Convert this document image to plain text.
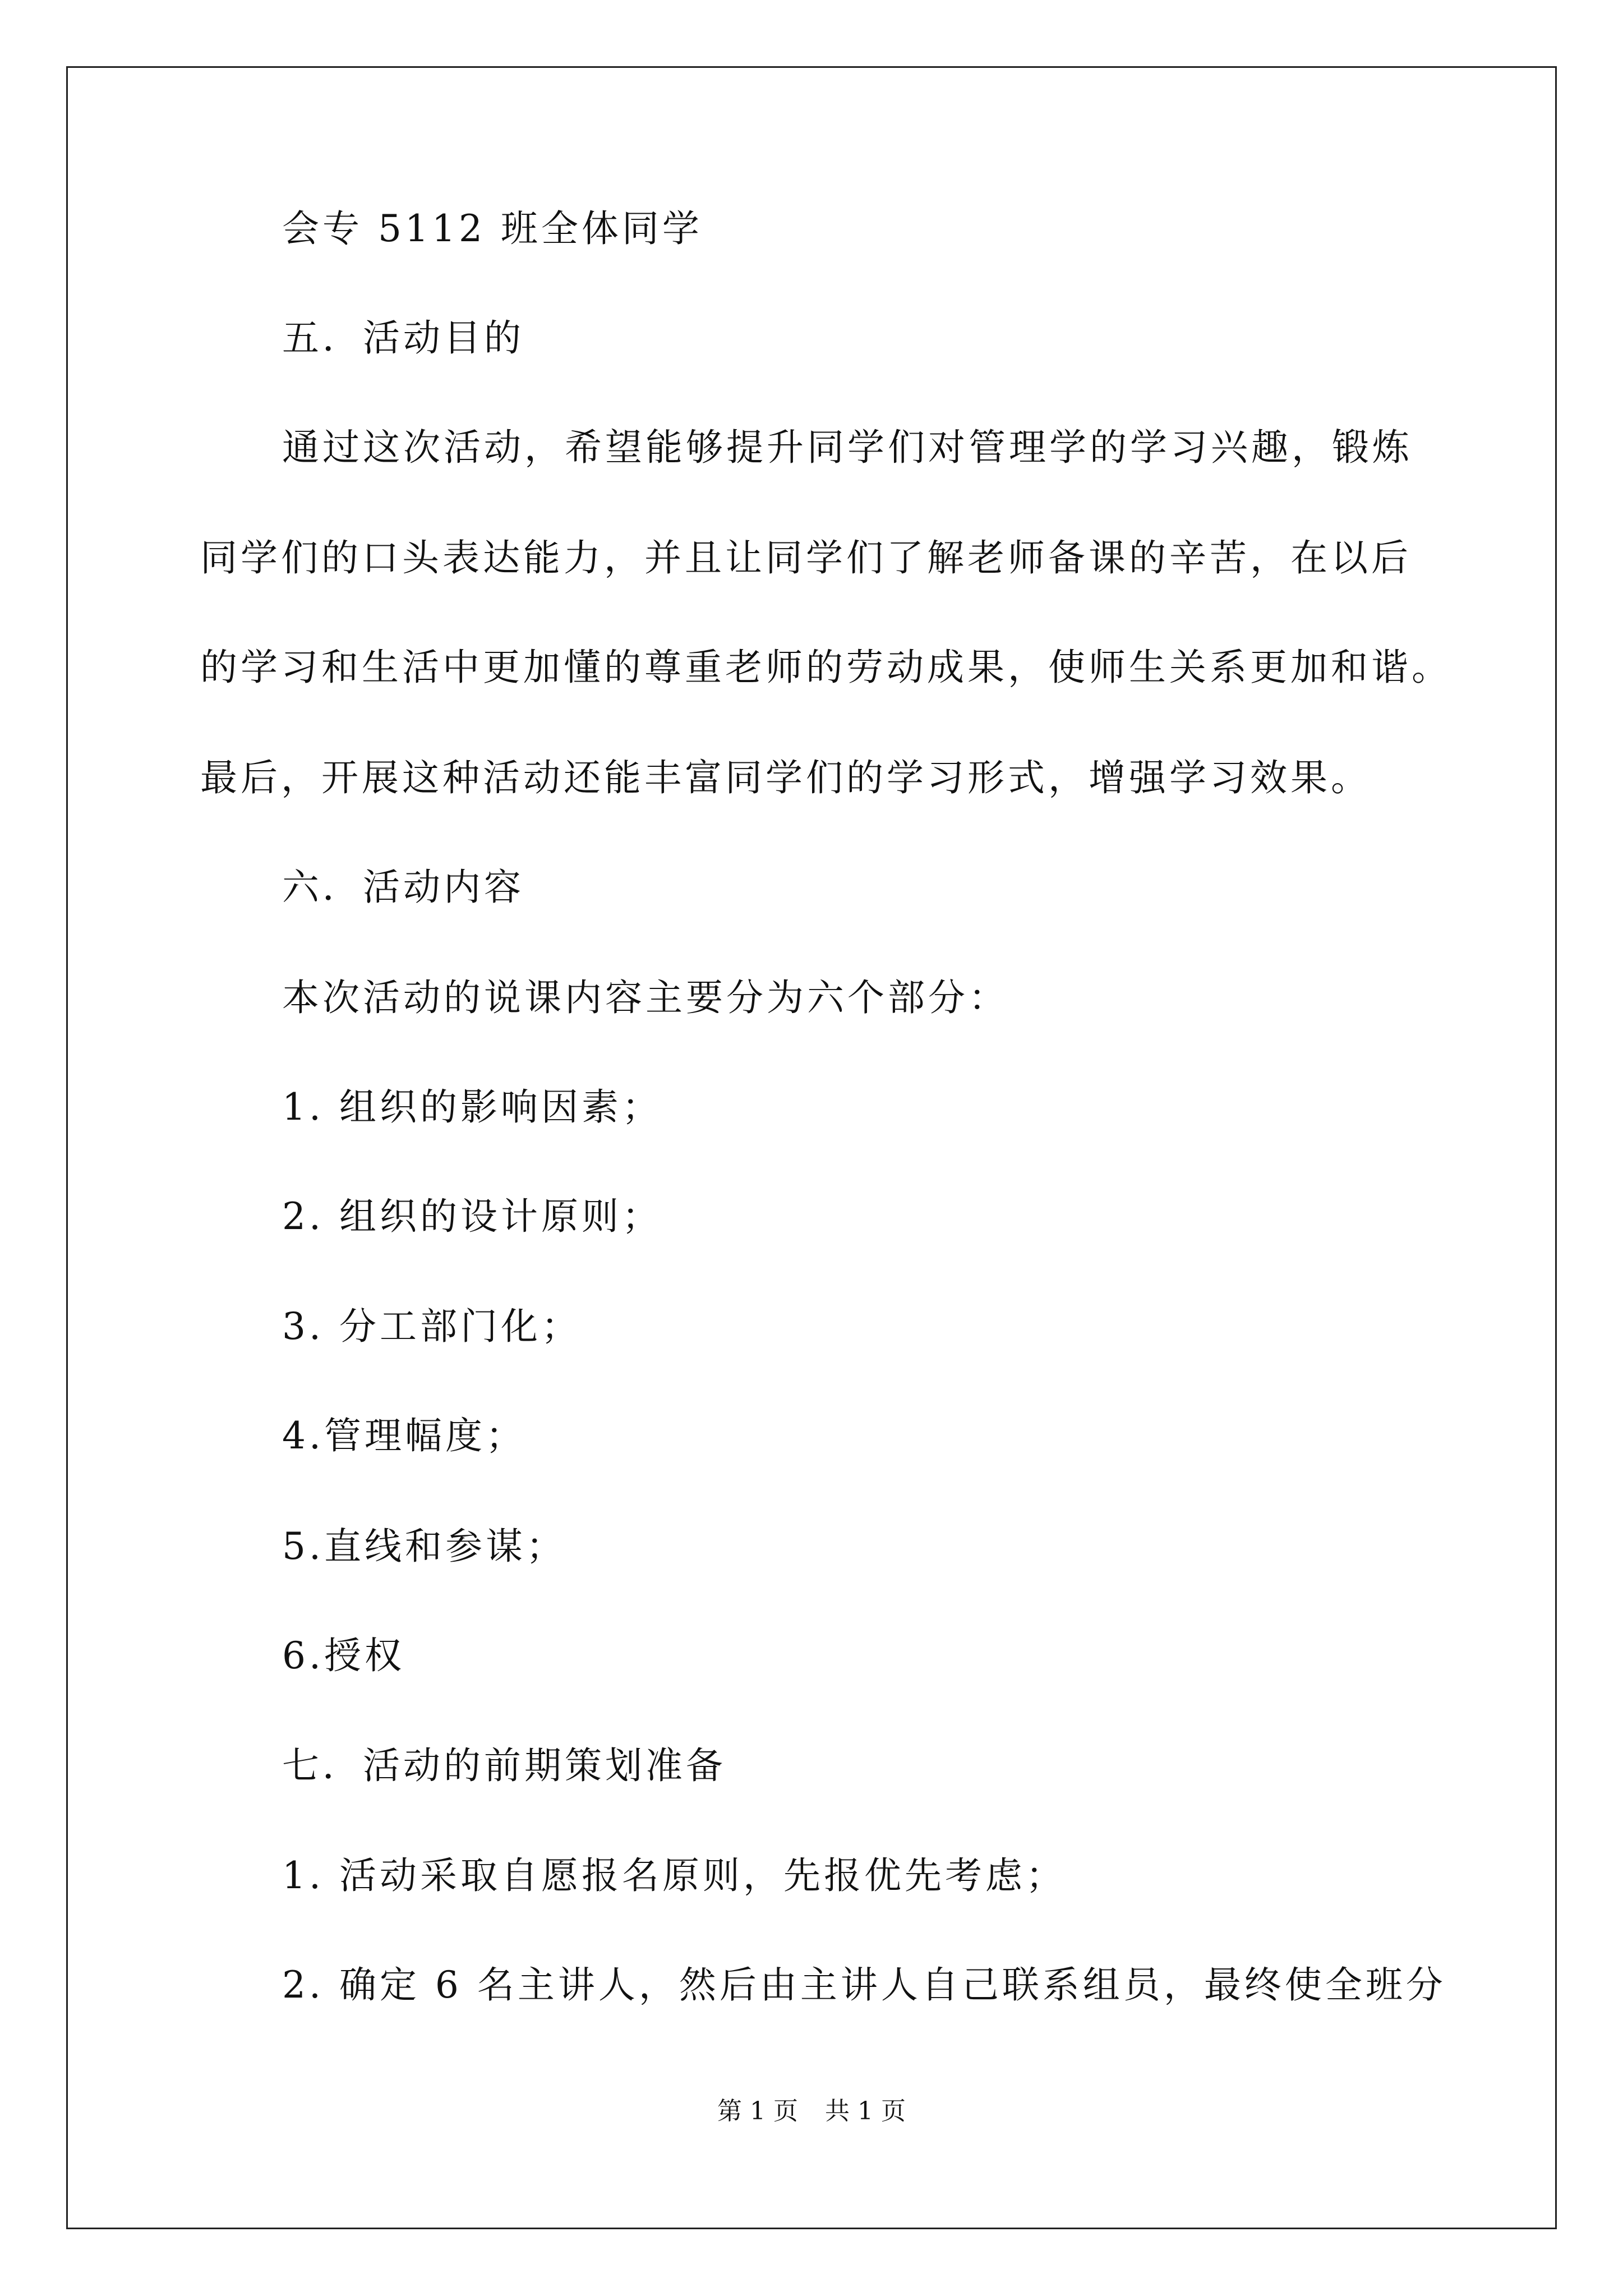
会专 5112 班全体同学
五．活动目的
通过这次活动，希望能够提升同学们对管理学的学习兴趣，锻炼
同学们的口头表达能力，并且让同学们了解老师备课的辛苦，在以后
的学习和生活中更加懂的尊重老师的劳动成果，使师生关系更加和谐。
最后，开展这种活动还能丰富同学们的学习形式，增强学习效果。
六．活动内容
本次活动的说课内容主要分为六个部分：
1. 组织的影响因素；
2. 组织的设计原则；
3. 分工部门化；
4.管理幅度；
5.直线和参谋；
6.授权
七．活动的前期策划准备
1. 活动采取自愿报名原则，先报优先考虑；
2. 确定 6 名主讲人，然后由主讲人自己联系组员，最终使全班分
第 1 页 共 1 页
